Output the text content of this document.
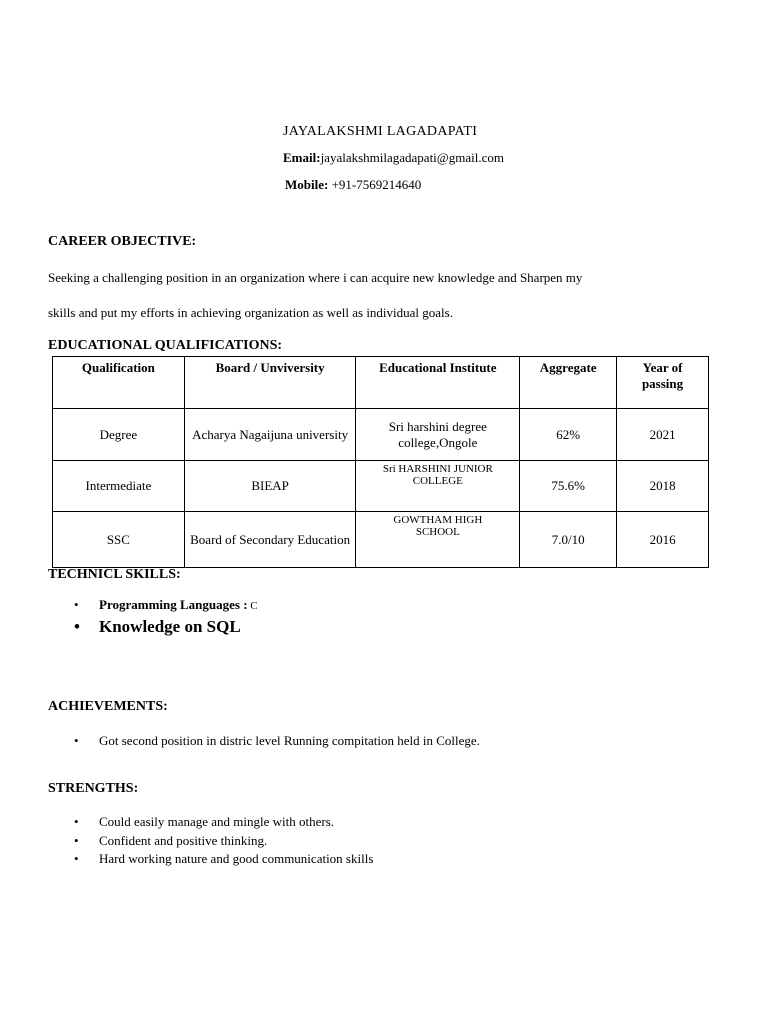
JAYALAKSHMI LAGADAPATI
Email:jayalakshmilagadapati@gmail.com
Mobile: +91-7569214640
CAREER OBJECTIVE:
Seeking a challenging position in an organization where i can acquire new knowledge and Sharpen my
skills and put my efforts in achieving organization as well as individual goals.
EDUCATIONAL QUALIFICATIONS:
Qualification	Board / Unviversity	Educational Institute	Aggregate	Year of passing
Degree	Acharya Nagaijuna university	Sri harshini degree college,Ongole	62%	2021
Intermediate	BIEAP	Sri HARSHINI JUNIOR COLLEGE	75.6%	2018
SSC	Board of Secondary Education	GOWTHAM HIGH SCHOOL	7.0/10	2016
TECHNICL SKILLS:
• Programming Languages : C
• Knowledge on SQL
ACHIEVEMENTS:
• Got second position in distric level Running compitation held in College.
STRENGTHS:
• Could easily manage and mingle with others.
• Confident and positive thinking.
• Hard working nature and good communication skills
